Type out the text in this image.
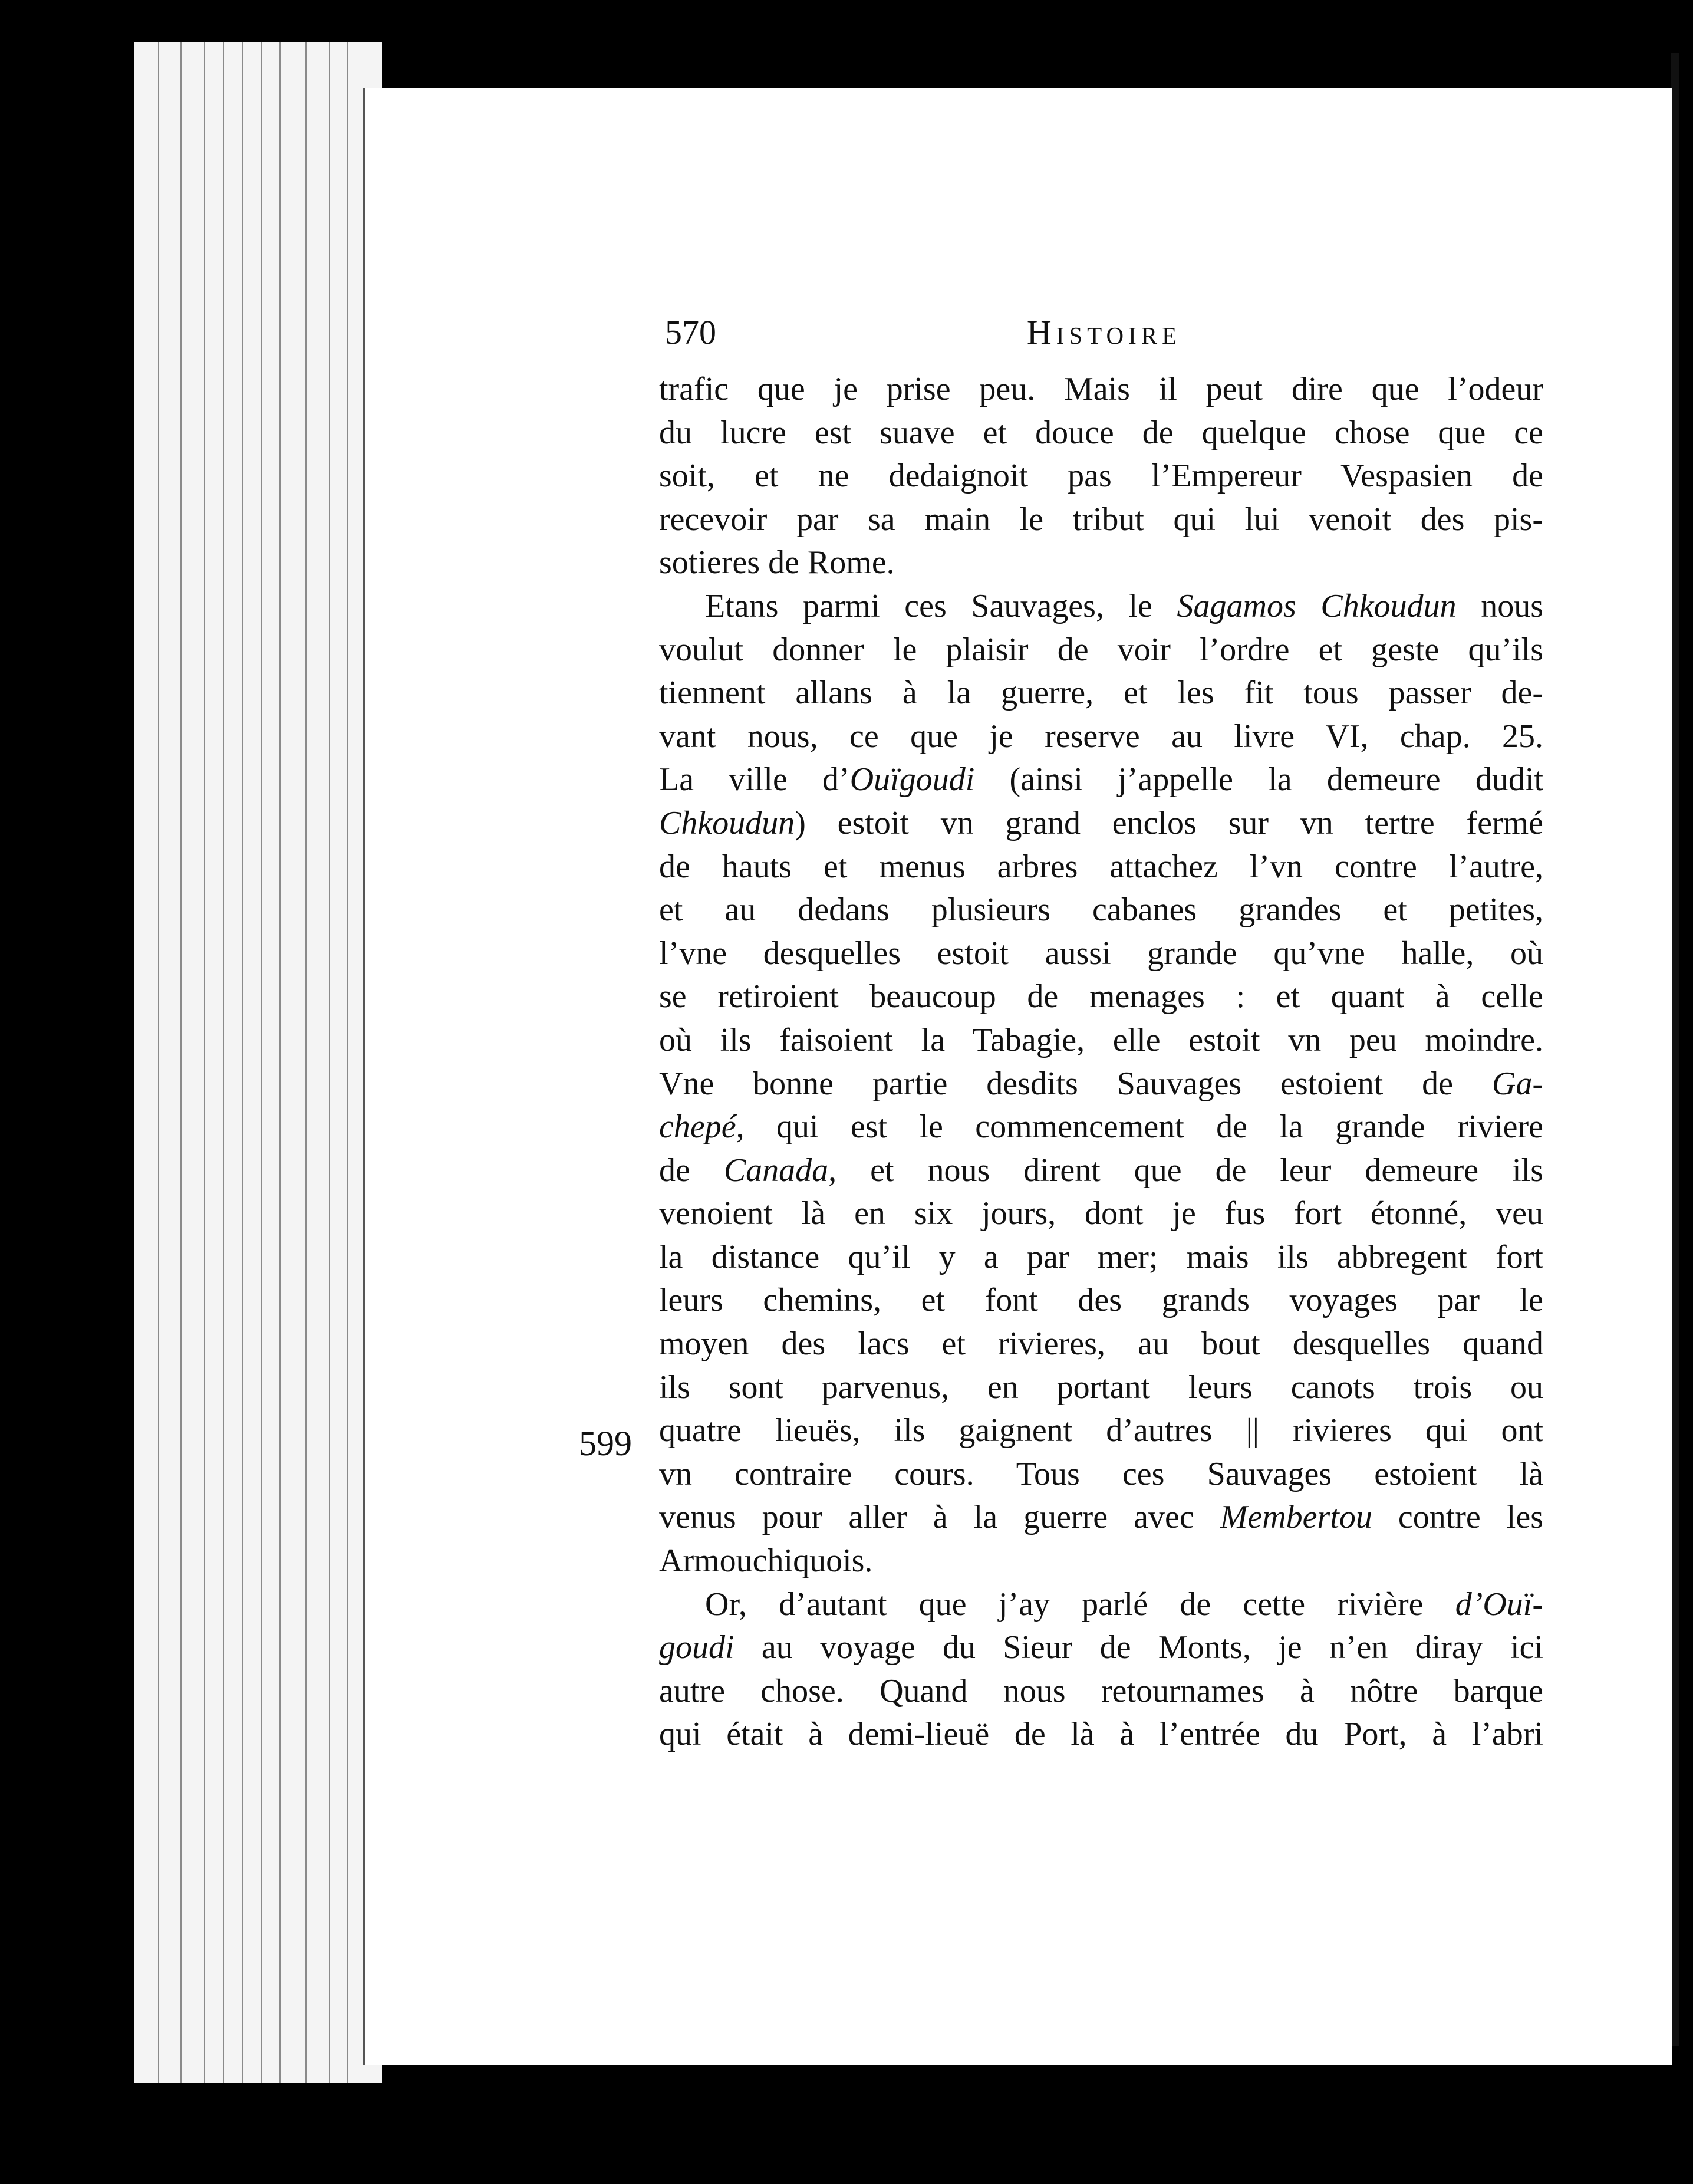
570	Histoire
trafic que je prise peu. Mais il peut dire que l’odeur
du lucre est suave et douce de quelque chose que ce
soit, et ne dedaignoit pas l’Empereur Vespasien de
recevoir par sa main le tribut qui lui venoit des pis-
sotieres de Rome.
Etans parmi ces Sauvages, le Sagamos Chkoudun nous
voulut donner le plaisir de voir l’ordre et geste qu’ils
tiennent allans à la guerre, et les fit tous passer de-
vant nous, ce que je reserve au livre VI, chap. 25.
La ville d’Ouïgoudi (ainsi j’appelle la demeure dudit
Chkoudun) estoit vn grand enclos sur vn tertre fermé
de hauts et menus arbres attachez l’vn contre l’autre,
et au dedans plusieurs cabanes grandes et petites,
l’vne desquelles estoit aussi grande qu’vne halle, où
se retiroient beaucoup de menages : et quant à celle
où ils faisoient la Tabagie, elle estoit vn peu moindre.
Vne bonne partie desdits Sauvages estoient de Ga-
chepé, qui est le commencement de la grande riviere
de Canada, et nous dirent que de leur demeure ils
venoient là en six jours, dont je fus fort étonné, veu
la distance qu’il y a par mer; mais ils abbregent fort
leurs chemins, et font des grands voyages par le
moyen des lacs et rivieres, au bout desquelles quand
ils sont parvenus, en portant leurs canots trois ou
quatre lieuës, ils gaignent d’autres || rivieres qui ont
vn contraire cours. Tous ces Sauvages estoient là
venus pour aller à la guerre avec Membertou contre les
Armouchiquois.
Or, d’autant que j’ay parlé de cette rivière d’Ouï-
goudi au voyage du Sieur de Monts, je n’en diray ici
autre chose. Quand nous retournames à nôtre barque
qui était à demi-lieuë de là à l’entrée du Port, à l’abri
599
